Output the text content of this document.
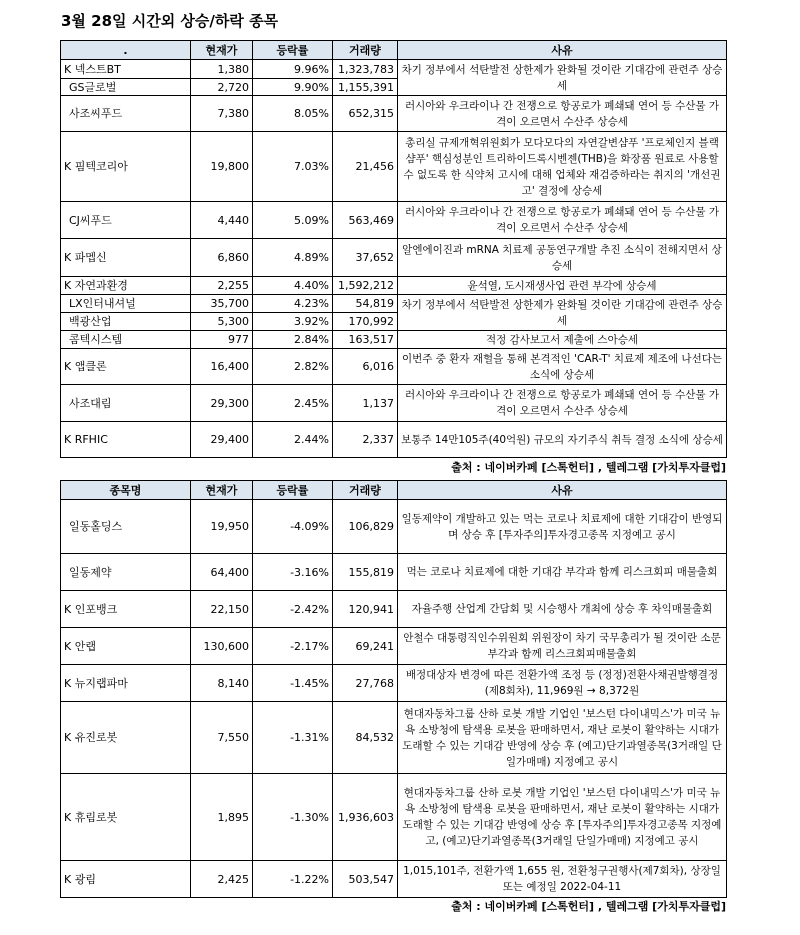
3월 28일 시간외 상승/하락 종목
.	현재가	등락률	거래량	사유
K 넥스트BT	1,380	9.96%	1,323,783	차기 정부에서 석탄발전 상한제가 완화될 것이란 기대감에 관련주 상승세
GS글로벌	2,720	9.90%	1,155,391	
사조씨푸드	7,380	8.05%	652,315	러시아와 우크라이나 간 전쟁으로 항공로가 폐쇄돼 연어 등 수산물 가격이 오르면서 수산주 상승세
K 핌텍코리아	19,800	7.03%	21,456	총리실 규제개혁위원회가 모다모다의 자연갈변샴푸 '프로체인지 블랙샴푸' 핵심성분인 트리하이드록시벤젠(THB)을 화장품 원료로 사용할 수 없도록 한 식약처 고시에 대해 업체와 재검증하라는 취지의 '개선권고' 결정에 상승세
CJ씨푸드	4,440	5.09%	563,469	러시아와 우크라이나 간 전쟁으로 항공로가 폐쇄돼 연어 등 수산물 가격이 오르면서 수산주 상승세
K 파멥신	6,860	4.89%	37,652	알엔에이진과 mRNA 치료제 공동연구개발 추진 소식이 전해지면서 상승세
K 자연과환경	2,255	4.40%	1,592,212	윤석열, 도시재생사업 관련 부각에 상승세
LX인터내셔널	35,700	4.23%	54,819	차기 정부에서 석탄발전 상한제가 완화될 것이란 기대감에 관련주 상승세
백광산업	5,300	3.92%	170,992	
콤텍시스템	977	2.84%	163,517	적정 감사보고서 제출에 스아승세
K 앱클론	16,400	2.82%	6,016	이번주 중 환자 재헐을 통해 본격적인 'CAR-T' 치료제 제조에 나선다는 소식에 상승세
사조대림	29,300	2.45%	1,137	러시아와 우크라이나 간 전쟁으로 항공로가 폐쇄돼 연어 등 수산물 가격이 오르면서 수산주 상승세
K RFHIC	29,400	2.44%	2,337	보통주 14만105주(40억원) 규모의 자기주식 취득 결정 소식에 상승세
출처 : 네이버카페 [스톡헌터] , 텔레그램 [가치투자클럽]
종목명	현재가	등락률	거래량	사유
일동홀딩스	19,950	-4.09%	106,829	일동제약이 개발하고 있는 먹는 코로나 치료제에 대한 기대감이 반영되며 상승 후 [투자주의]투자경고종목 지정예고 공시
일동제약	64,400	-3.16%	155,819	먹는 코로나 치료제에 대한 기대감 부각과 함께 리스크회피 매물출회
K 인포뱅크	22,150	-2.42%	120,941	자율주행 산업계 간담회 및 시승행사 개최에 상승 후 차익매물출회
K 안랩	130,600	-2.17%	69,241	안철수 대통령직인수위원회 위원장이 차기 국무총리가 될 것이란 소문 부각과 함께 리스크회피매물출회
K 뉴지랩파마	8,140	-1.45%	27,768	배정대상자 변경에 따른 전환가액 조정 등 (정정)전환사채권발행결정(제8회차), 11,969원 → 8,372원
K 유진로봇	7,550	-1.31%	84,532	현대자동차그룹 산하 로봇 개발 기업인 '보스턴 다이내믹스'가 미국 뉴욕 소방청에 탐색용 로봇을 판매하면서, 재난 로봇이 활약하는 시대가 도래할 수 있는 기대감 반영에 상승 후 (예고)단기과열종목(3거래일 단일가매매) 지정예고 공시
K 휴림로봇	1,895	-1.30%	1,936,603	현대자동차그룹 산하 로봇 개발 기업인 '보스턴 다이내믹스'가 미국 뉴욕 소방청에 탐색용 로봇을 판매하면서, 재난 로봇이 활약하는 시대가 도래할 수 있는 기대감 반영에 상승 후 [투자주의]투자경고종목 지정예고, (예고)단기과열종목(3거래일 단일가매매) 지정예고 공시
K 광림	2,425	-1.22%	503,547	1,015,101주, 전환가액 1,655 원, 전환청구권행사(제7회차), 상장일 또는 예정일 2022-04-11
출처 : 네이버카페 [스톡헌터] , 텔레그램 [가치투자클럽]
